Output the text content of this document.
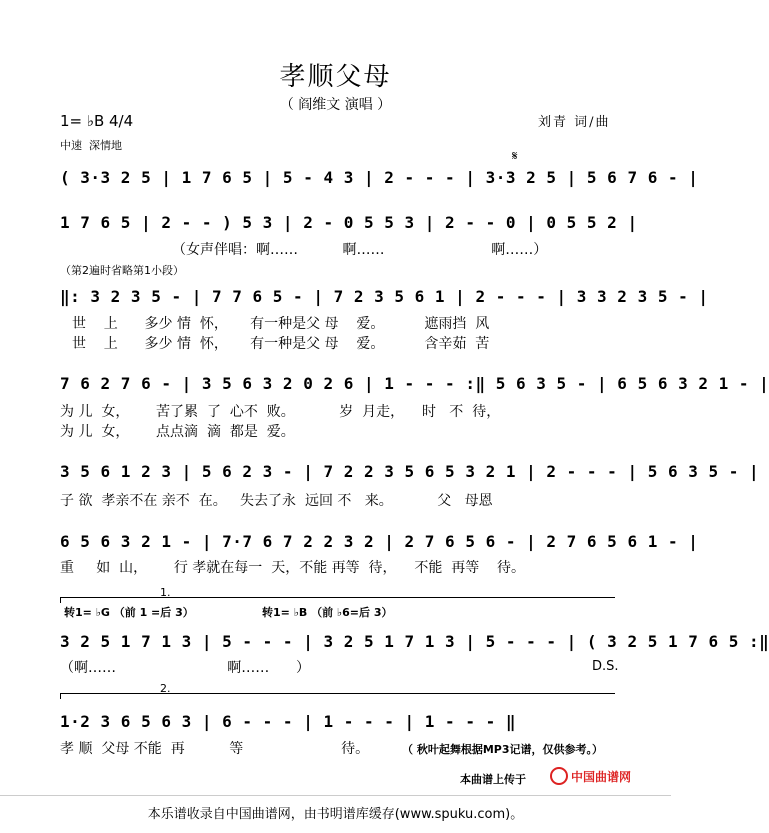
孝顺父母
（ 阎维文 演唱 ）
1= ♭B 4/4
中速  深情地
刘青 词/曲
𝄋
( 3·3 2 5 | 1 7 6 5 | 5 - 4 3 | 2 - - - | 3·3 2 5 | 5 6 7 6 - |
1 7 6 5 | 2 - - ) 5 3 | 2 - 0 5 5 3 | 2 - - 0 | 0 5 5 2 |
（女声伴唱：啊……          啊……                        啊……）
（第2遍时省略第1小段）
‖: 3 2 3 5 - | 7 7 6 5 - | 7 2 3 5 6 1 | 2 - - - | 3 3 2 3 5 - |
世    上      多少 情  怀，     有一种是父 母    爱。         遮雨挡  风
世    上      多少 情  怀，     有一种是父 母    爱。         含辛茹  苦
7 6 2 7 6 - | 3 5 6 3 2 0 2 6 | 1 - - - :‖ 5 6 3 5 - | 6 5 6 3 2 1 - |
为 儿  女，      苦了累  了  心不  败。          岁  月走，    时   不  待，
为 儿  女，      点点滴  滴  都是  爱。
3 5 6 1 2 3 | 5 6 2 3 - | 7 2 2 3 5 6 5 3 2 1 | 2 - - - | 5 6 3 5 - |
子 欲  孝亲不在 亲不  在。   失去了永  远回 不   来。          父   母恩
6 5 6 3 2 1 - | 7·7 6 7 2 2 3 2 | 2 7 6 5 6 - | 2 7 6 5 6 1 - |
重     如  山，      行 孝就在每一  天，不能 再等  待，    不能  再等    待。
1.
转1= ♭G （前 1 =后 3）	转1= ♭B （前 ♭6=后 3）
3 2 5 1 7 1 3 | 5 - - - | 3 2 5 1 7 1 3 | 5 - - - | ( 3 2 5 1 7 6 5 :‖
（啊……                         啊……      ）	D.S.
2.
1·2 3 6 5 6 3 | 6 - - - | 1 - - - | 1 - - - ‖
孝 顺  父母 不能  再          等                      待。	（ 秋叶起舞根据MP3记谱，仅供参考。）
本曲谱上传于	中国曲谱网
本乐谱收录自中国曲谱网，由书明谱库缓存(www.spuku.com)。
